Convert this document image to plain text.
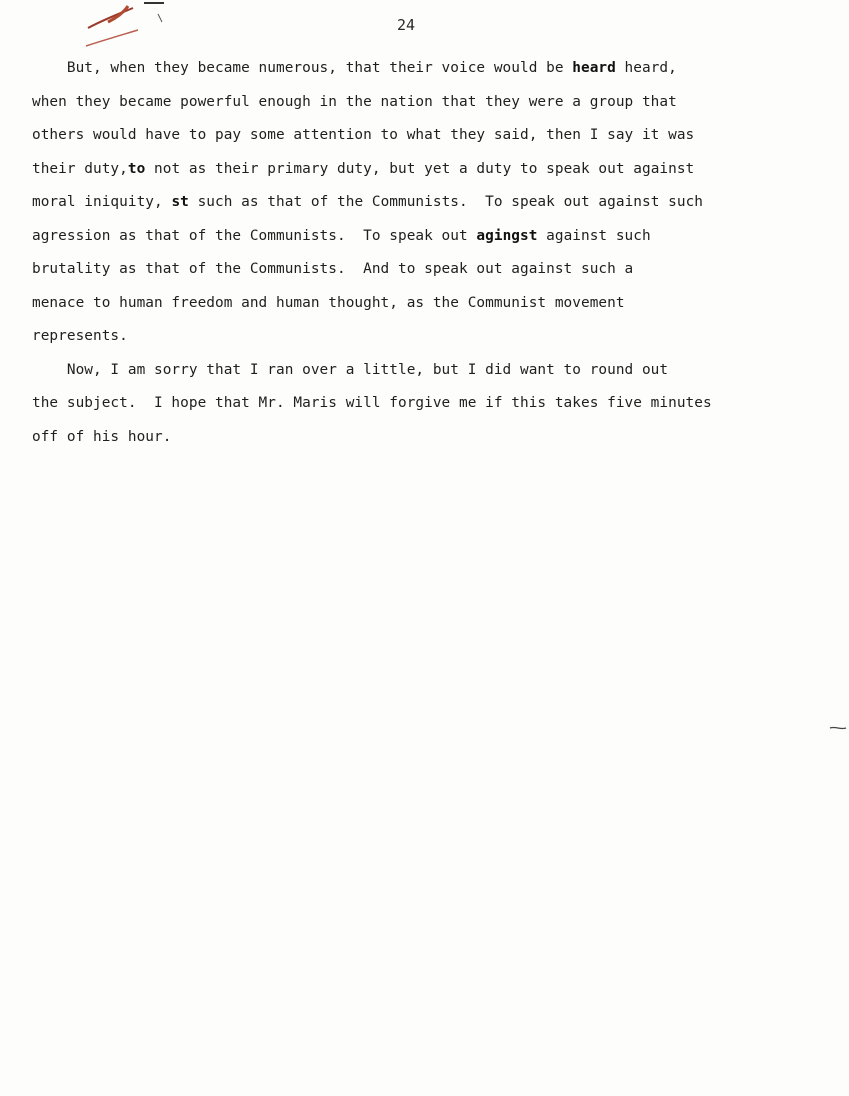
24
But, when they became numerous, that their voice would be heard heard,
when they became powerful enough in the nation that they were a group that
others would have to pay some attention to what they said, then I say it was
their duty,to not as their primary duty, but yet a duty to speak out against
moral iniquity, st such as that of the Communists.  To speak out against such
agression as that of the Communists.  To speak out agingst against such
brutality as that of the Communists.  And to speak out against such a
menace to human freedom and human thought, as the Communist movement
represents.
Now, I am sorry that I ran over a little, but I did want to round out
the subject.  I hope that Mr. Maris will forgive me if this takes five minutes
off of his hour.
